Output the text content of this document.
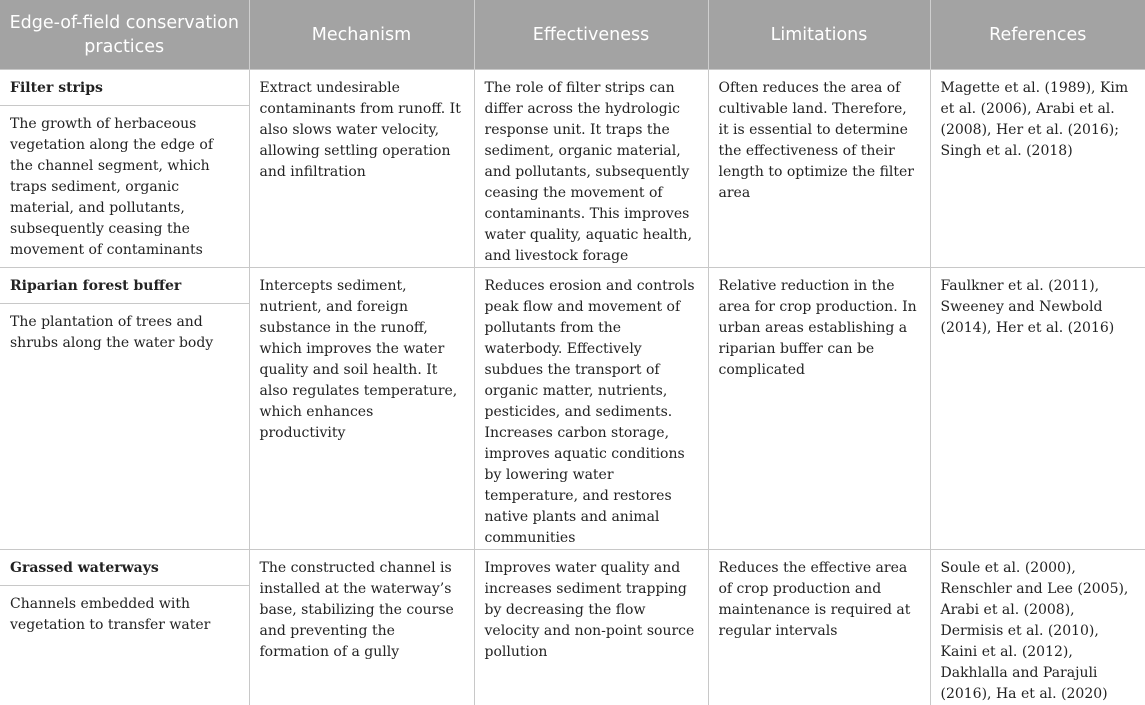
Edge-of-field conservation practices	Mechanism	Effectiveness	Limitations	References

Filter strips
The growth of herbaceous vegetation along the edge of the channel segment, which traps sediment, organic material, and pollutants, subsequently ceasing the movement of contaminants	Extract undesirable contaminants from runoff. It also slows water velocity, allowing settling operation and infiltration	The role of filter strips can differ across the hydrologic response unit. It traps the sediment, organic material, and pollutants, subsequently ceasing the movement of contaminants. This improves water quality, aquatic health, and livestock forage	Often reduces the area of cultivable land. Therefore, it is essential to determine the effectiveness of their length to optimize the filter area	Magette et al. (1989), Kim et al. (2006), Arabi et al. (2008), Her et al. (2016); Singh et al. (2018)

Riparian forest buffer
The plantation of trees and shrubs along the water body	Intercepts sediment, nutrient, and foreign substance in the runoff, which improves the water quality and soil health. It also regulates temperature, which enhances productivity	Reduces erosion and controls peak flow and movement of pollutants from the waterbody. Effectively subdues the transport of organic matter, nutrients, pesticides, and sediments. Increases carbon storage, improves aquatic conditions by lowering water temperature, and restores native plants and animal communities	Relative reduction in the area for crop production. In urban areas establishing a riparian buffer can be complicated	Faulkner et al. (2011), Sweeney and Newbold (2014), Her et al. (2016)

Grassed waterways
Channels embedded with vegetation to transfer water	The constructed channel is installed at the waterway’s base, stabilizing the course and preventing the formation of a gully	Improves water quality and increases sediment trapping by decreasing the flow velocity and non-point source pollution	Reduces the effective area of crop production and maintenance is required at regular intervals	Soule et al. (2000), Renschler and Lee (2005), Arabi et al. (2008), Dermisis et al. (2010), Kaini et al. (2012), Dakhlalla and Parajuli (2016), Ha et al. (2020)
